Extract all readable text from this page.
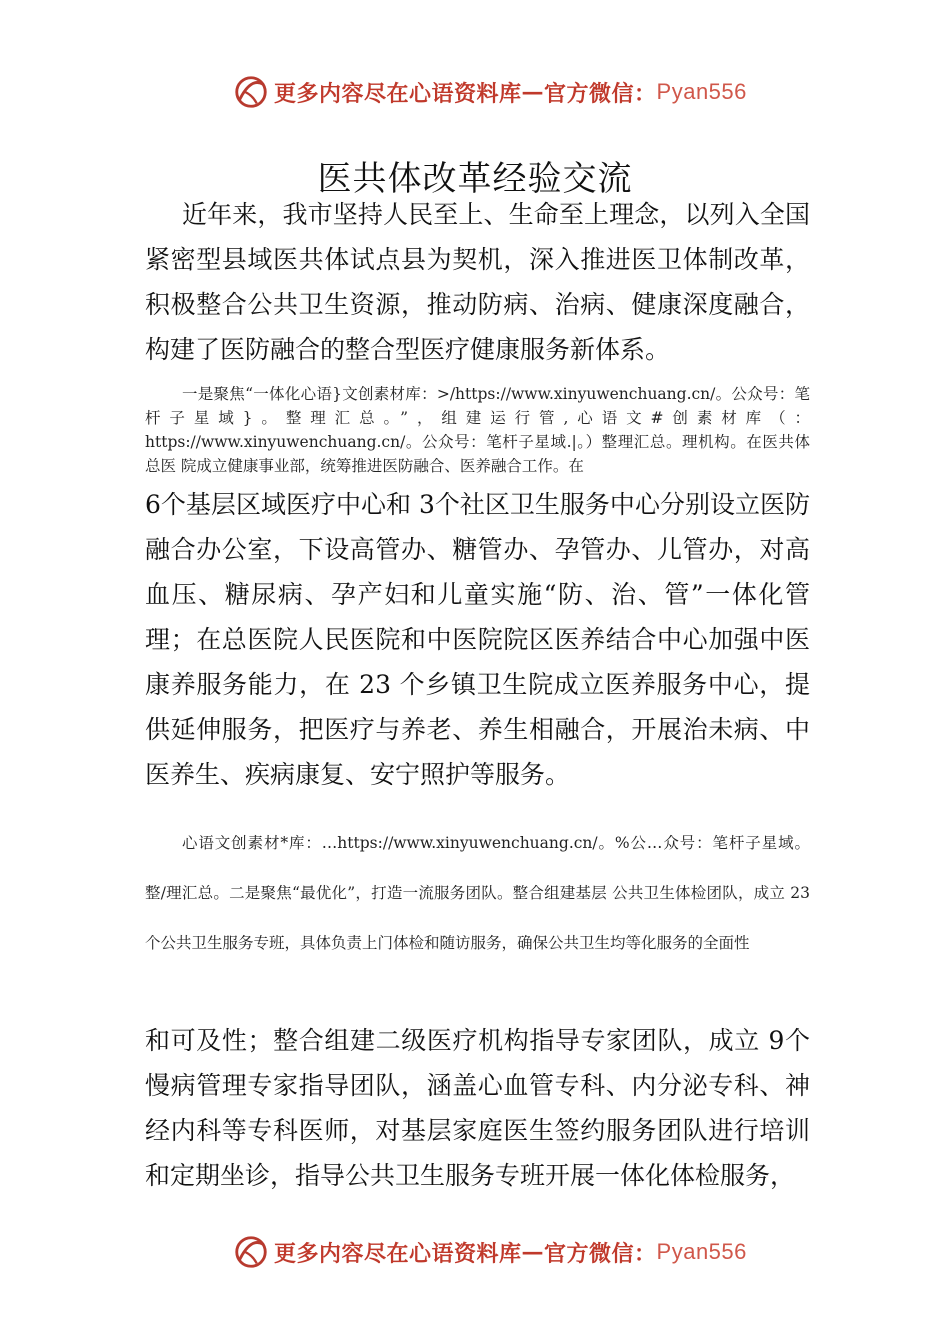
更多内容尽在心语资料库 — 官方微信： Pyan556
医共体改革经验交流

近年来，我市坚持人民至上、生命至上理念，以列入全国紧密型县域医共体试点县为契机，深入推进医卫体制改革，积极整合公共卫生资源，推动防病、治病、健康深度融合，构建了医防融合的整合型医疗健康服务新体系。

一是聚焦“一体化心语}文创素材库：>/https://www.xinyuwenchuang.cn/。公众号：笔杆子星域}。整理汇总。”，组建运行管,心语文#创素材库（：https://www.xinyuwenchuang.cn/。公众号：笔杆子星域.|。）整理汇总。理机构。在医共体总医 院成立健康事业部，统筹推进医防融合、医养融合工作。在

6个基层区域医疗中心和 3个社区卫生服务中心分别设立医防融合办公室，下设高管办、糖管办、孕管办、儿管办，对高血压、糖尿病、孕产妇和儿童实施“防、治、管”一体化管理；在总医院人民医院和中医院院区医养结合中心加强中医康养服务能力，在 23 个乡镇卫生院成立医养服务中心，提供延伸服务，把医疗与养老、养生相融合，开展治未病、中医养生、疾病康复、安宁照护等服务。

心语文创素材*库：…https://www.xinyuwenchuang.cn/。%公…众号：笔杆子星域。整/理汇总。二是聚焦“最优化”，打造一流服务团队。整合组建基层 公共卫生体检团队，成立 23 个公共卫生服务专班，具体负责上门体检和随访服务，确保公共卫生均等化服务的全面性

和可及性；整合组建二级医疗机构指导专家团队，成立 9个慢病管理专家指导团队，涵盖心血管专科、内分泌专科、神经内科等专科医师，对基层家庭医生签约服务团队进行培训和定期坐诊，指导公共卫生服务专班开展一体化体检服务，

更多内容尽在心语资料库 — 官方微信： Pyan556
